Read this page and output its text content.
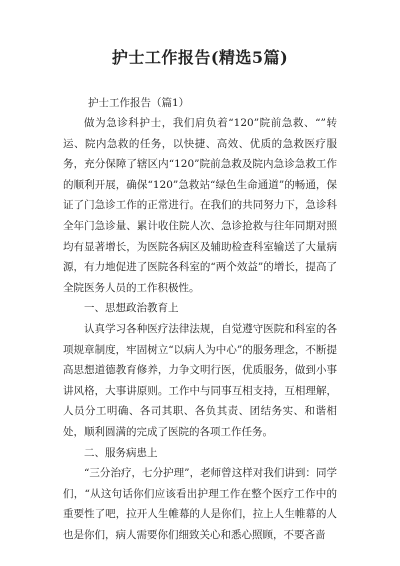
护士工作报告(精选5篇)

护士工作报告（篇1）

做为急诊科护士，我们肩负着“120”院前急救、“”转运、院内急救的任务，以快捷、高效、优质的急救医疗服务，充分保障了辖区内“120”院前急救及院内急诊急救工作的顺利开展，确保“120”急救站“绿色生命通道”的畅通，保证了门急诊工作的正常进行。在我们的共同努力下，急诊科全年门急诊量、累计收住院人次、急诊抢救与往年同期对照均有显著增长，为医院各病区及辅助检查科室输送了大量病源，有力地促进了医院各科室的“两个效益”的增长，提高了全院医务人员的工作积极性。

一、思想政治教育上

认真学习各种医疗法律法规，自觉遵守医院和科室的各项规章制度，牢固树立“以病人为中心”的服务理念，不断提高思想道德教育修养，力争文明行医，优质服务，做到小事讲风格，大事讲原则。工作中与同事互相支持，互相理解，人员分工明确、各司其职、各负其责、团结务实、和谐相处，顺利圆满的完成了医院的各项工作任务。

二、服务病患上

“三分治疗，七分护理”，老师曾这样对我们讲到：同学们，“从这句话你们应该看出护理工作在整个医疗工作中的重要性了吧，拉开人生帷幕的人是你们，拉上人生帷幕的人也是你们，病人需要你们细致关心和悉心照顾，不要吝啬
